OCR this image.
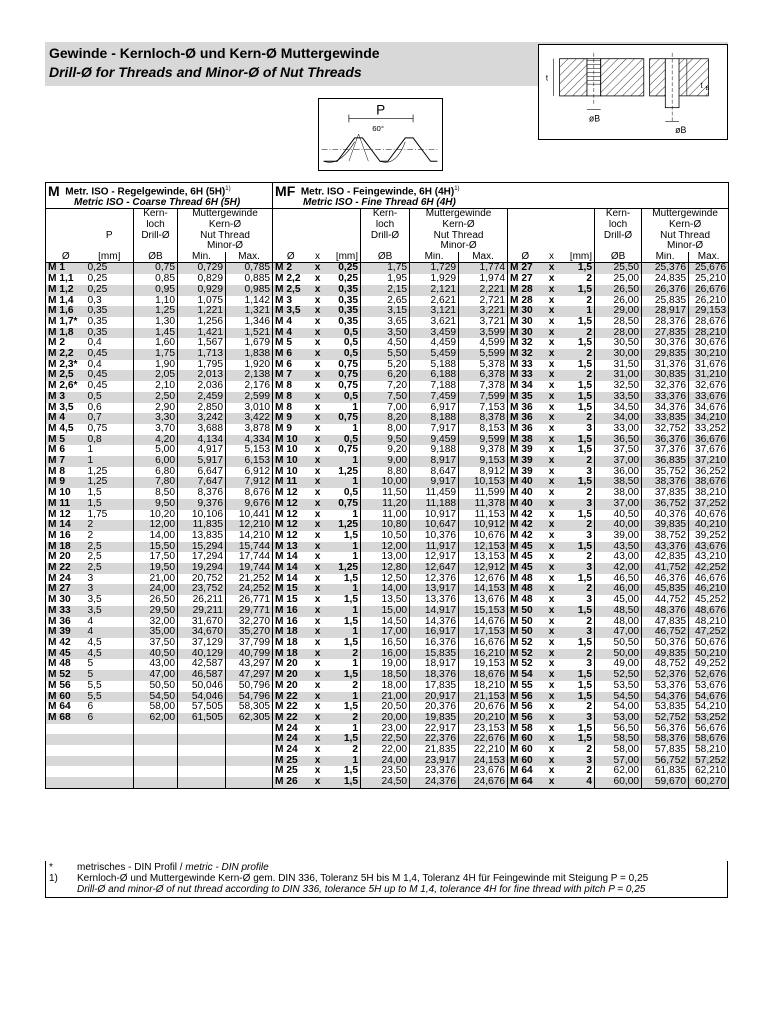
Gewinde - Kernloch-Ø und Kern-Ø Muttergewinde
Drill-Ø for Threads and Minor-Ø of Nut Threads	t
øB
øB
t B
P
60°
M Metr. ISO - Regelgewinde, 6H $(5H)^{1)}$
Metric ISO - Coarse Thread 6H (5H)					MF Metr. ISO - Feingewinde, 6H $(4H)^{1)}$
Metric ISO - Fine Thread 6H (4H)											
		Kern-	Muttergewinde					Kern-	Muttergewinde					Kern-	Muttergewinde	
		loch	Kern-Ø					loch	Kern-Ø					loch	Kern-Ø	
	P	Drill-Ø	Nut Thread					Drill-Ø	Nut Thread					Drill-Ø	Nut Thread	
			Minor-Ø						Minor-Ø						Minor-Ø	
Ø	[mm]	ØB	Min.	Max.	Ø	x	[mm]	ØB	Min.	Max.	Ø	x	[mm]	ØB	Min.	Max.
M 1	0,25	0,75	0,729	0,785	M 2	x	0,25	1,75	1,729	1,774	M 27	x	1,5	25,50	25,376	25,676
M 1,1	0,25	0,85	0,829	0,885	M 2,2	x	0,25	1,95	1,929	1,974	M 27	x	2	25,00	24,835	25,210
M 1,2	0,25	0,95	0,929	0,985	M 2,5	x	0,35	2,15	2,121	2,221	M 28	x	1,5	26,50	26,376	26,676
M 1,4	0,3	1,10	1,075	1,142	M 3	x	0,35	2,65	2,621	2,721	M 28	x	2	26,00	25,835	26,210
M 1,6	0,35	1,25	1,221	1,321	M 3,5	x	0,35	3,15	3,121	3,221	M 30	x	1	29,00	28,917	29,153
M 1,7*	0,35	1,30	1,256	1,346	M 4	x	0,35	3,65	3,621	3,721	M 30	x	1,5	28,50	28,376	28,676
M 1,8	0,35	1,45	1,421	1,521	M 4	x	0,5	3,50	3,459	3,599	M 30	x	2	28,00	27,835	28,210
M 2	0,4	1,60	1,567	1,679	M 5	x	0,5	4,50	4,459	4,599	M 32	x	1,5	30,50	30,376	30,676
M 2,2	0,45	1,75	1,713	1,838	M 6	x	0,5	5,50	5,459	5,599	M 32	x	2	30,00	29,835	30,210
M 2,3*	0,4	1,90	1,795	1,920	M 6	x	0,75	5,20	5,188	5,378	M 33	x	1,5	31,50	31,376	31,676
M 2,5	0,45	2,05	2,013	2,138	M 7	x	0,75	6,20	6,188	6,378	M 33	x	2	31,00	30,835	31,210
M 2,6*	0,45	2,10	2,036	2,176	M 8	x	0,75	7,20	7,188	7,378	M 34	x	1,5	32,50	32,376	32,676
M 3	0,5	2,50	2,459	2,599	M 8	x	0,5	7,50	7,459	7,599	M 35	x	1,5	33,50	33,376	33,676
M 3,5	0,6	2,90	2,850	3,010	M 8	x	1	7,00	6,917	7,153	M 36	x	1,5	34,50	34,376	34,676
M 4	0,7	3,30	3,242	3,422	M 9	x	0,75	8,20	8,188	8,378	M 36	x	2	34,00	33,835	34,210
M 4,5	0,75	3,70	3,688	3,878	M 9	x	1	8,00	7,917	8,153	M 36	x	3	33,00	32,752	33,252
M 5	0,8	4,20	4,134	4,334	M 10	x	0,5	9,50	9,459	9,599	M 38	x	1,5	36,50	36,376	36,676
M 6	1	5,00	4,917	5,153	M 10	x	0,75	9,20	9,188	9,378	M 39	x	1,5	37,50	37,376	37,676
M 7	1	6,00	5,917	6,153	M 10	x	1	9,00	8,917	9,153	M 39	x	2	37,00	36,835	37,210
M 8	1,25	6,80	6,647	6,912	M 10	x	1,25	8,80	8,647	8,912	M 39	x	3	36,00	35,752	36,252
M 9	1,25	7,80	7,647	7,912	M 11	x	1	10,00	9,917	10,153	M 40	x	1,5	38,50	38,376	38,676
M 10	1,5	8,50	8,376	8,676	M 12	x	0,5	11,50	11,459	11,599	M 40	x	2	38,00	37,835	38,210
M 11	1,5	9,50	9,376	9,676	M 12	x	0,75	11,20	11,188	11,378	M 40	x	3	37,00	36,752	37,252
M 12	1,75	10,20	10,106	10,441	M 12	x	1	11,00	10,917	11,153	M 42	x	1,5	40,50	40,376	40,676
M 14	2	12,00	11,835	12,210	M 12	x	1,25	10,80	10,647	10,912	M 42	x	2	40,00	39,835	40,210
M 16	2	14,00	13,835	14,210	M 12	x	1,5	10,50	10,376	10,676	M 42	x	3	39,00	38,752	39,252
M 18	2,5	15,50	15,294	15,744	M 13	x	1	12,00	11,917	12,153	M 45	x	1,5	43,50	43,376	43,676
M 20	2,5	17,50	17,294	17,744	M 14	x	1	13,00	12,917	13,153	M 45	x	2	43,00	42,835	43,210
M 22	2,5	19,50	19,294	19,744	M 14	x	1,25	12,80	12,647	12,912	M 45	x	3	42,00	41,752	42,252
M 24	3	21,00	20,752	21,252	M 14	x	1,5	12,50	12,376	12,676	M 48	x	1,5	46,50	46,376	46,676
M 27	3	24,00	23,752	24,252	M 15	x	1	14,00	13,917	14,153	M 48	x	2	46,00	45,835	46,210
M 30	3,5	26,50	26,211	26,771	M 15	x	1,5	13,50	13,376	13,676	M 48	x	3	45,00	44,752	45,252
M 33	3,5	29,50	29,211	29,771	M 16	x	1	15,00	14,917	15,153	M 50	x	1,5	48,50	48,376	48,676
M 36	4	32,00	31,670	32,270	M 16	x	1,5	14,50	14,376	14,676	M 50	x	2	48,00	47,835	48,210
M 39	4	35,00	34,670	35,270	M 18	x	1	17,00	16,917	17,153	M 50	x	3	47,00	46,752	47,252
M 42	4,5	37,50	37,129	37,799	M 18	x	1,5	16,50	16,376	16,676	M 52	x	1,5	50,50	50,376	50,676
M 45	4,5	40,50	40,129	40,799	M 18	x	2	16,00	15,835	16,210	M 52	x	2	50,00	49,835	50,210
M 48	5	43,00	42,587	43,297	M 20	x	1	19,00	18,917	19,153	M 52	x	3	49,00	48,752	49,252
M 52	5	47,00	46,587	47,297	M 20	x	1,5	18,50	18,376	18,676	M 54	x	1,5	52,50	52,376	52,676
M 56	5,5	50,50	50,046	50,796	M 20	x	2	18,00	17,835	18,210	M 55	x	1,5	53,50	53,376	53,676
M 60	5,5	54,50	54,046	54,796	M 22	x	1	21,00	20,917	21,153	M 56	x	1,5	54,50	54,376	54,676
M 64	6	58,00	57,505	58,305	M 22	x	1,5	20,50	20,376	20,676	M 56	x	2	54,00	53,835	54,210
M 68	6	62,00	61,505	62,305	M 22	x	2	20,00	19,835	20,210	M 56	x	3	53,00	52,752	53,252
					M 24	x	1	23,00	22,917	23,153	M 58	x	1,5	56,50	56,376	56,676
					M 24	x	1,5	22,50	22,376	22,676	M 60	x	1,5	58,50	58,376	58,676
					M 24	x	2	22,00	21,835	22,210	M 60	x	2	58,00	57,835	58,210
					M 25	x	1	24,00	23,917	24,153	M 60	x	3	57,00	56,752	57,252
					M 25	x	1,5	23,50	23,376	23,676	M 64	x	2	62,00	61,835	62,210
					M 26	x	1,5	24,50	24,376	24,676	M 64	x	4	60,00	59,670	60,270
*	metrisches - DIN Profil / metric - DIN profile
1)	Kernloch-Ø und Muttergewinde Kern-Ø gem. DIN 336, Toleranz 5H bis M 1,4, Toleranz 4H für Feingewinde mit Steigung P = 0,25
Drill-Ø and minor-Ø of nut thread according to DIN 336, tolerance 5H up to M 1,4, tolerance 4H for fine thread with pitch P = 0,25
